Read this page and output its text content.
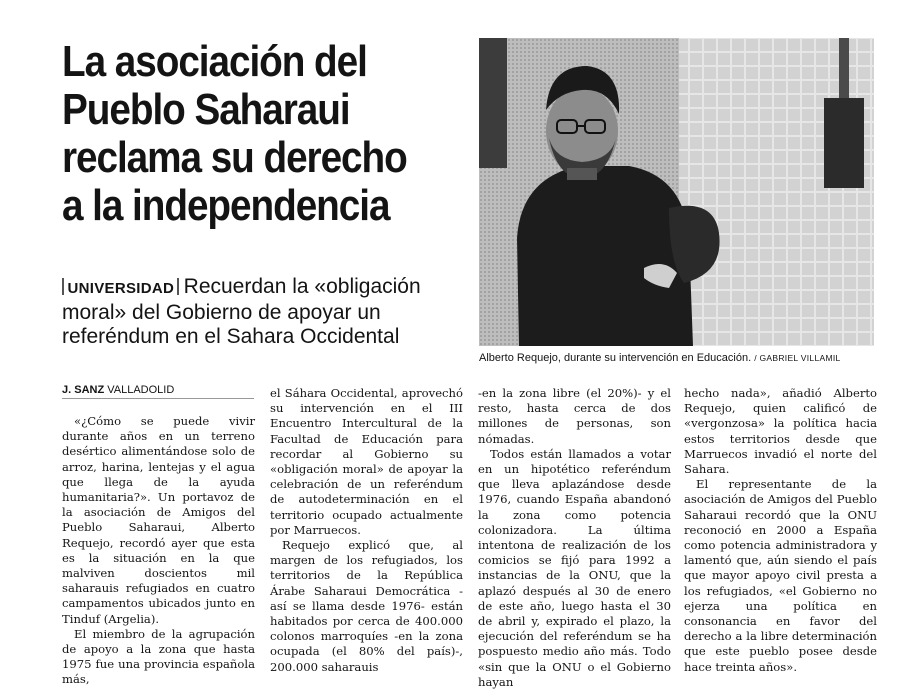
La asociación del
Pueblo Saharaui
reclama su derecho
a la independencia
UNIVERSIDAD Recuerdan la «obligación
moral» del Gobierno de apoyar un
referéndum en el Sahara Occidental
Alberto Requejo, durante su intervención en Educación. / GABRIEL VILLAMIL
J. SANZ VALLADOLID

«¿Cómo se puede vivir durante años en un terreno desértico alimentándose solo de arroz, harina, lentejas y el agua que llega de la ayuda humanitaria?». Un portavoz de la asociación de Amigos del Pueblo Saharaui, Alberto Requejo, recordó ayer que esta es la situación en la que malviven doscientos mil saharauis refugiados en cuatro campamentos ubicados junto en Tinduf (Argelia).

El miembro de la agrupación de apoyo a la zona que hasta 1975 fue una provincia española más,

el Sáhara Occidental, aprovechó su intervención en el III Encuentro Intercultural de la Facultad de Educación para recordar al Gobierno su «obligación moral» de apoyar la celebración de un referéndum de autodeterminación en el territorio ocupado actualmente por Marruecos.

Requejo explicó que, al margen de los refugiados, los territorios de la República Árabe Saharaui Democrática -así se llama desde 1976- están habitados por cerca de 400.000 colonos marroquíes -en la zona ocupada (el 80% del país)-, 200.000 saharauis

-en la zona libre (el 20%)- y el resto, hasta cerca de dos millones de personas, son nómadas.

Todos están llamados a votar en un hipotético referéndum que lleva aplazándose desde 1976, cuando España abandonó la zona como potencia colonizadora. La última intentona de realización de los comicios se fijó para 1992 a instancias de la ONU, que la aplazó después al 30 de enero de este año, luego hasta el 30 de abril y, expirado el plazo, la ejecución del referéndum se ha pospuesto medio año más. Todo «sin que la ONU o el Gobierno hayan

hecho nada», añadió Alberto Requejo, quien calificó de «vergonzosa» la política hacia estos territorios desde que Marruecos invadió el norte del Sahara.

El representante de la asociación de Amigos del Pueblo Saharaui recordó que la ONU reconoció en 2000 a España como potencia administradora y lamentó que, aún siendo el país que mayor apoyo civil presta a los refugiados, «el Gobierno no ejerza una política en consonancia en favor del derecho a la libre determinación que este pueblo posee desde hace treinta años».
